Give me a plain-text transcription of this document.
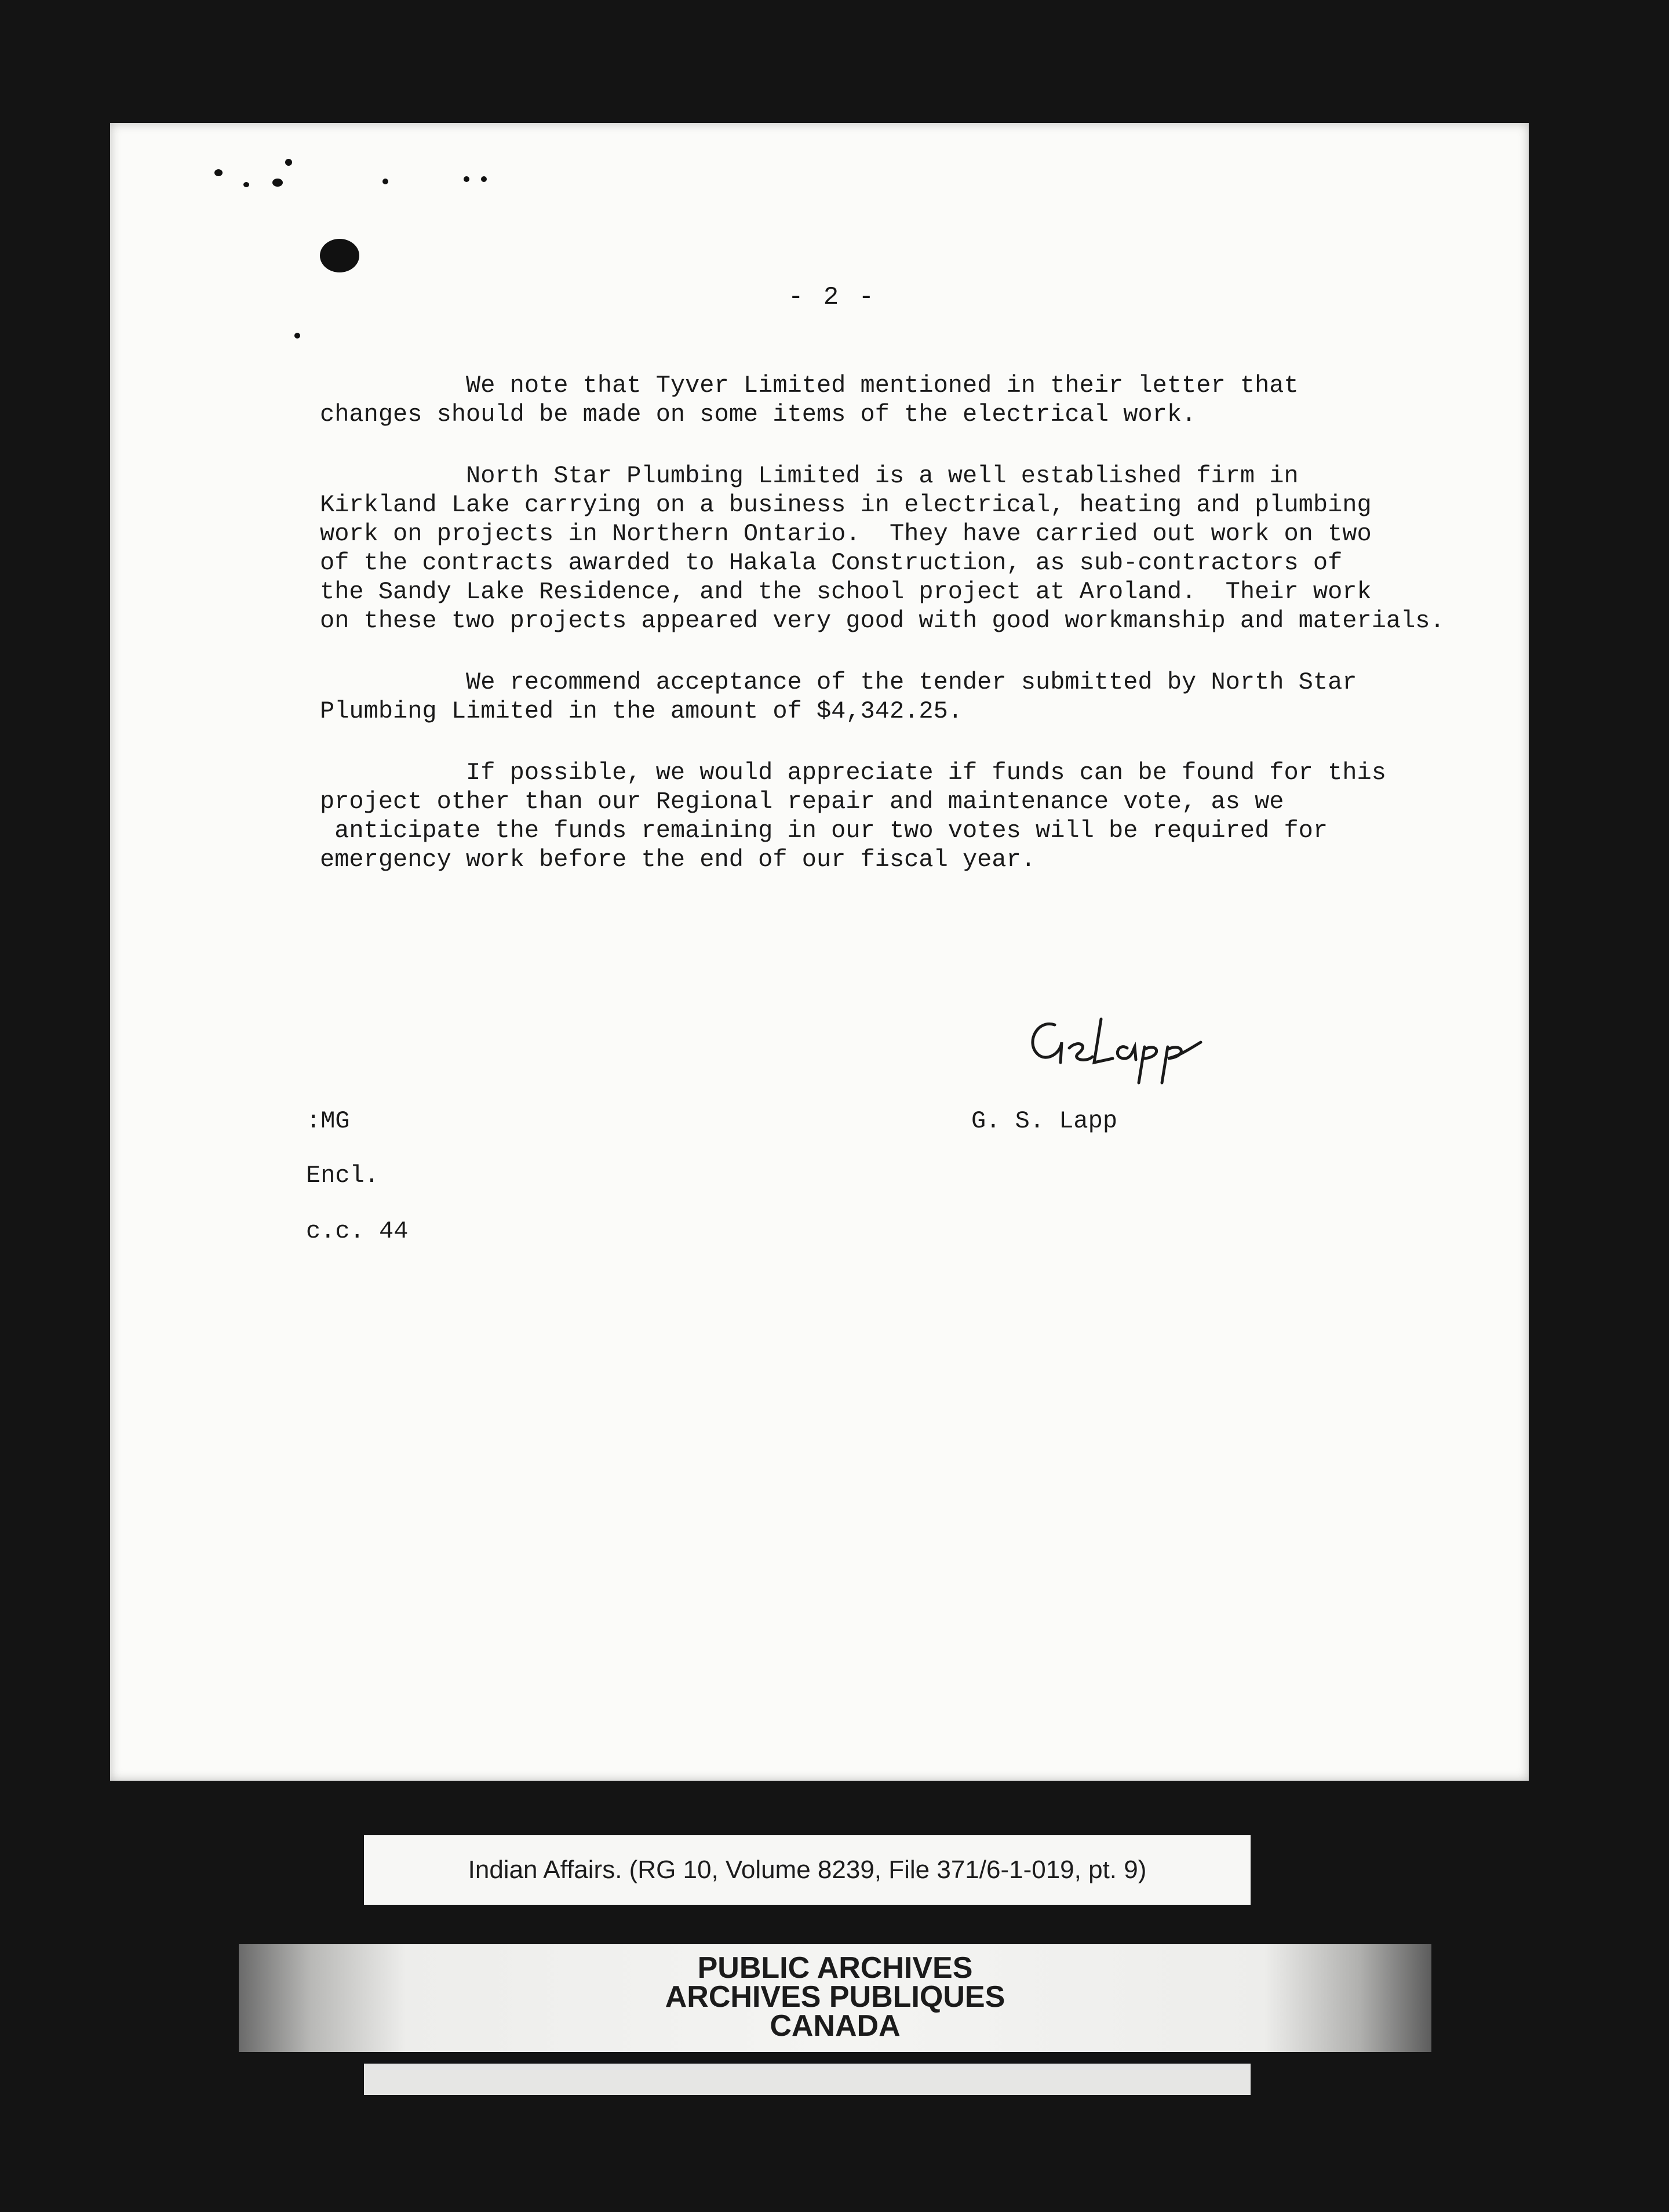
- 2 -

We note that Tyver Limited mentioned in their letter that
changes should be made on some items of the electrical work.

North Star Plumbing Limited is a well established firm in
Kirkland Lake carrying on a business in electrical, heating and plumbing
work on projects in Northern Ontario.  They have carried out work on two
of the contracts awarded to Hakala Construction, as sub-contractors of
the Sandy Lake Residence, and the school project at Aroland.  Their work
on these two projects appeared very good with good workmanship and materials.

We recommend acceptance of the tender submitted by North Star
Plumbing Limited in the amount of $4,342.25.

If possible, we would appreciate if funds can be found for this
project other than our Regional repair and maintenance vote, as we
anticipate the funds remaining in our two votes will be required for
emergency work before the end of our fiscal year.

G. S. Lapp
:MG
Encl.
c.c. 44
Indian Affairs. (RG 10, Volume 8239, File 371/6-1-019, pt. 9)
PUBLIC ARCHIVES
ARCHIVES PUBLIQUES
CANADA
